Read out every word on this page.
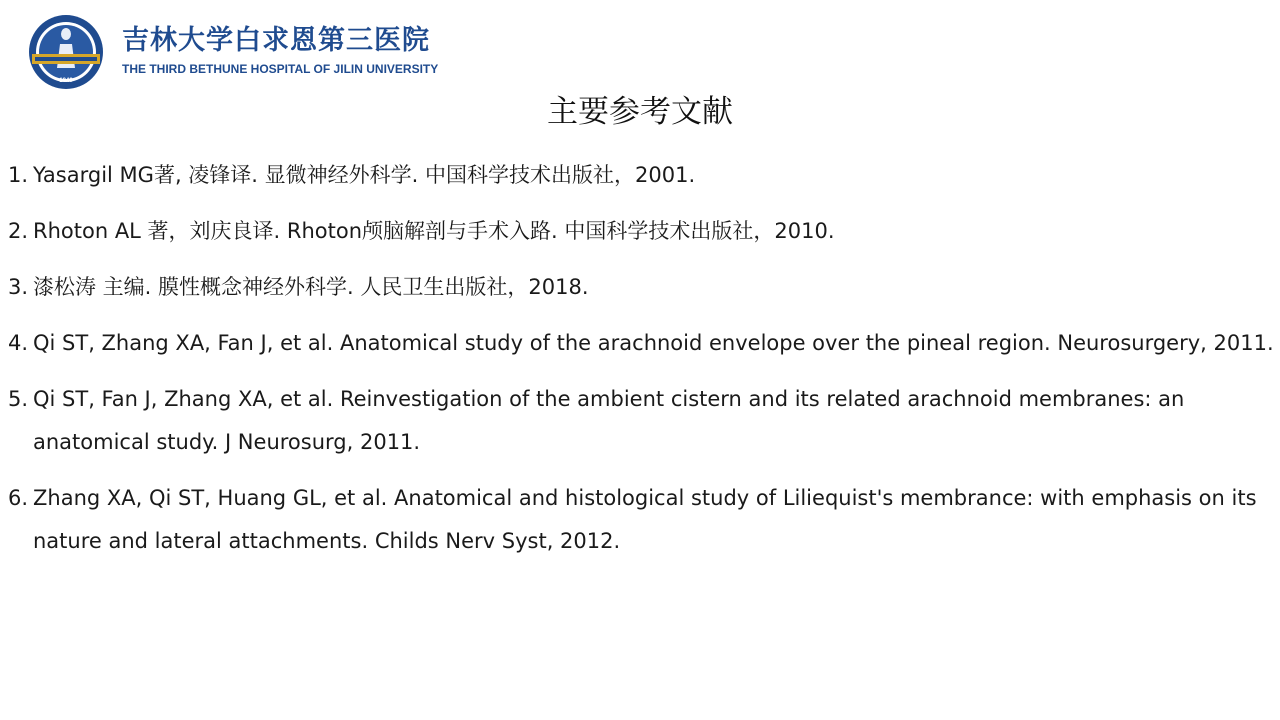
1949
吉林大学白求恩第三医院
THE THIRD BETHUNE HOSPITAL OF JILIN UNIVERSITY
主要参考文献
1. Yasargil MG著, 凌锋译. 显微神经外科学. 中国科学技术出版社，2001.
2. Rhoton AL 著，刘庆良译. Rhoton颅脑解剖与手术入路. 中国科学技术出版社，2010.
3. 漆松涛 主编. 膜性概念神经外科学. 人民卫生出版社，2018.
4. Qi ST, Zhang XA, Fan J, et al. Anatomical study of the arachnoid envelope over the pineal region. Neurosurgery, 2011.
5. Qi ST, Fan J, Zhang XA, et al. Reinvestigation of the ambient cistern and its related arachnoid membranes: an anatomical study. J Neurosurg, 2011.
6. Zhang XA, Qi ST, Huang GL, et al. Anatomical and histological study of Liliequist's membrance: with emphasis on its nature and lateral attachments. Childs Nerv Syst, 2012.
